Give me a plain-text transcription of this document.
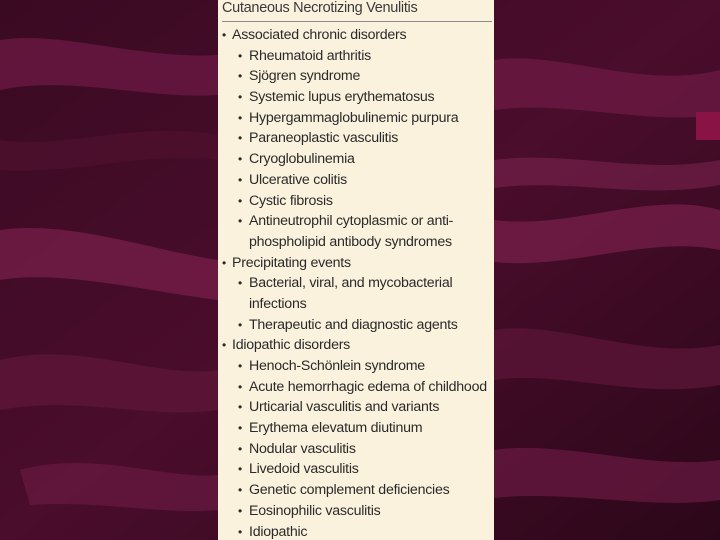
Cutaneous Necrotizing Venulitis
• Associated chronic disorders
• Rheumatoid arthritis
• Sjögren syndrome
• Systemic lupus erythematosus
• Hypergammaglobulinemic purpura
• Paraneoplastic vasculitis
• Cryoglobulinemia
• Ulcerative colitis
• Cystic fibrosis
• Antineutrophil cytoplasmic or anti-
phospholipid antibody syndromes
• Precipitating events
• Bacterial, viral, and mycobacterial
infections
• Therapeutic and diagnostic agents
• Idiopathic disorders
• Henoch-Schönlein syndrome
• Acute hemorrhagic edema of childhood
• Urticarial vasculitis and variants
• Erythema elevatum diutinum
• Nodular vasculitis
• Livedoid vasculitis
• Genetic complement deficiencies
• Eosinophilic vasculitis
• Idiopathic
